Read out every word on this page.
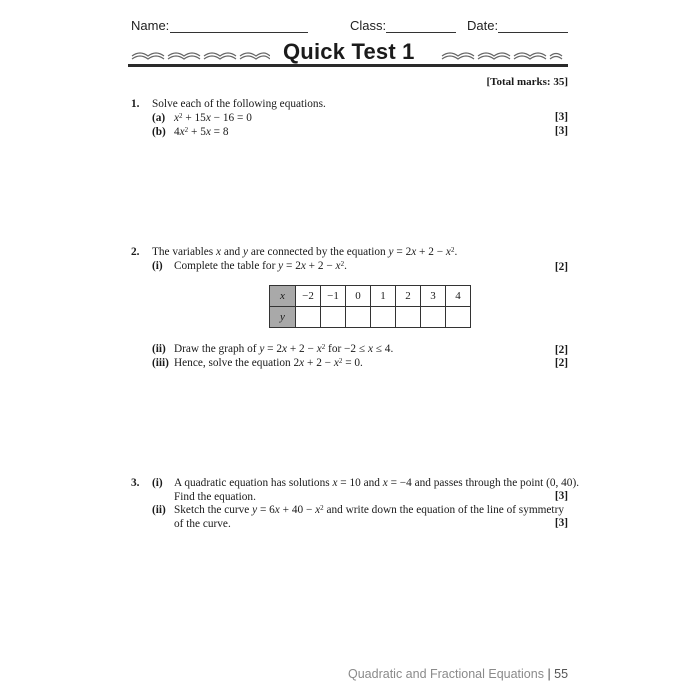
Name:	Class:	Date:
Quick Test 1
[Total marks: 35]
1. Solve each of the following equations.
(a) $x^2 + 15x - 16 = 0$	[3]
(b) $4x^2 + 5x = 8$	[3]
2. The variables x and y are connected by the equation $y = 2x + 2 - x^2$.
(i) Complete the table for $y = 2x + 2 - x^2$.	[2]
x	−2	−1	0	1	2	3	4
y							
(ii) Draw the graph of $y = 2x + 2 - x^2$ for −2 ≤ x ≤ 4.	[2]
(iii) Hence, solve the equation $2x + 2 - x^2 = 0$.	[2]
3. (i) A quadratic equation has solutions x = 10 and x = −4 and passes through the point (0, 40).
Find the equation.	[3]
(ii) Sketch the curve $y = 6x + 40 - x^2$ and write down the equation of the line of symmetry
of the curve.	[3]
Quadratic and Fractional Equations | 55
